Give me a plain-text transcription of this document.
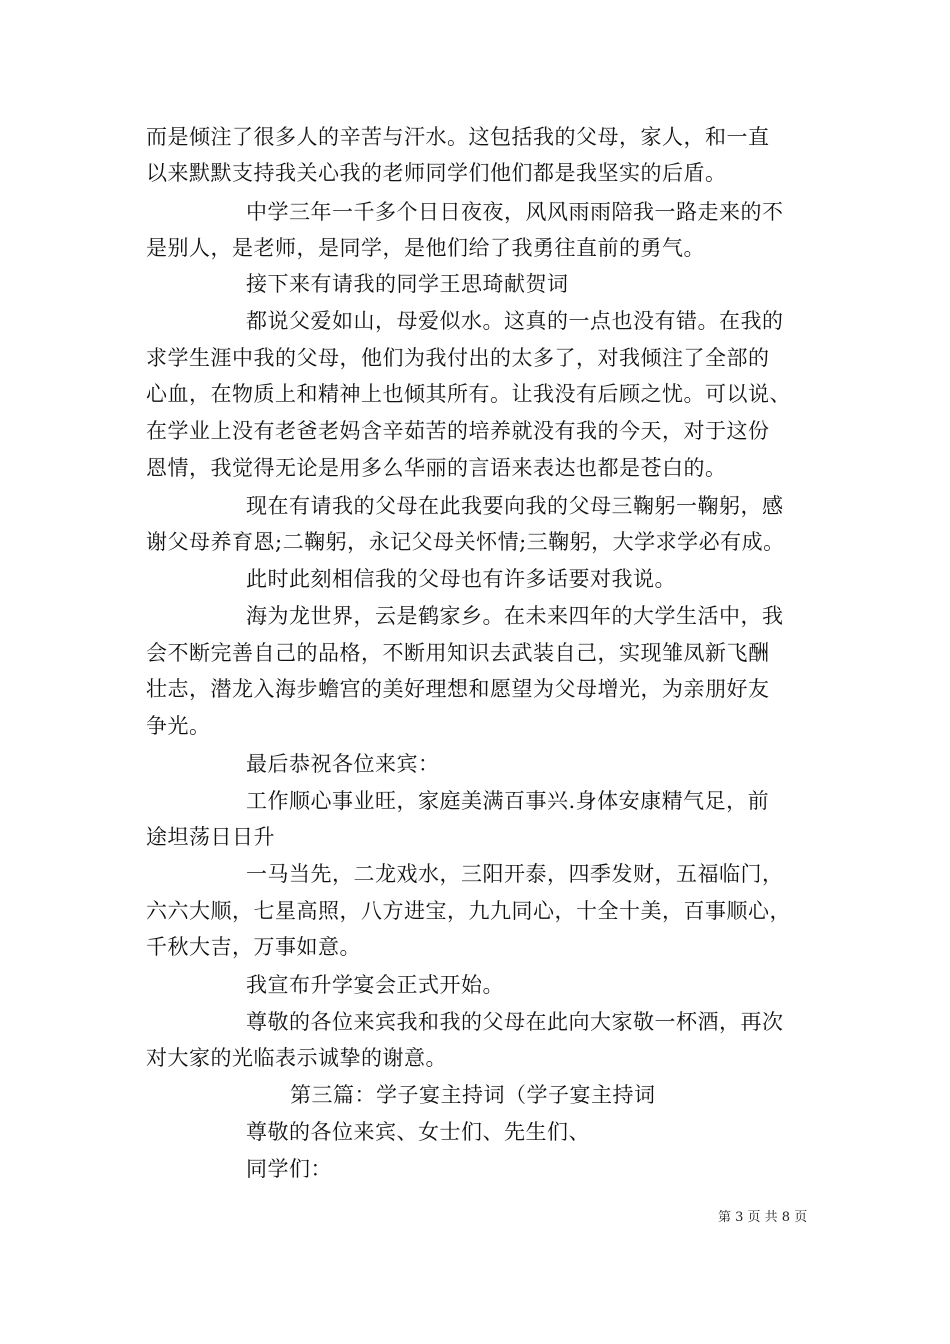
而是倾注了很多人的辛苦与汗水。这包括我的父母，家人，和一直
以来默默支持我关心我的老师同学们他们都是我坚实的后盾。
中学三年一千多个日日夜夜，风风雨雨陪我一路走来的不
是别人，是老师，是同学，是他们给了我勇往直前的勇气。
接下来有请我的同学王思琦献贺词
都说父爱如山，母爱似水。这真的一点也没有错。在我的
求学生涯中我的父母，他们为我付出的太多了，对我倾注了全部的
心血，在物质上和精神上也倾其所有。让我没有后顾之忧。可以说、
在学业上没有老爸老妈含辛茹苦的培养就没有我的今天，对于这份
恩情，我觉得无论是用多么华丽的言语来表达也都是苍白的。
现在有请我的父母在此我要向我的父母三鞠躬一鞠躬，感
谢父母养育恩;二鞠躬，永记父母关怀情;三鞠躬，大学求学必有成。
此时此刻相信我的父母也有许多话要对我说。
海为龙世界，云是鹤家乡。在未来四年的大学生活中，我
会不断完善自己的品格，不断用知识去武装自己，实现雏凤新飞酬
壮志，潜龙入海步蟾宫的美好理想和愿望为父母增光，为亲朋好友
争光。
最后恭祝各位来宾：
工作顺心事业旺，家庭美满百事兴.身体安康精气足，前
途坦荡日日升
一马当先，二龙戏水，三阳开泰，四季发财，五福临门，
六六大顺，七星高照，八方进宝，九九同心，十全十美，百事顺心，
千秋大吉，万事如意。
我宣布升学宴会正式开始。
尊敬的各位来宾我和我的父母在此向大家敬一杯酒，再次
对大家的光临表示诚挚的谢意。
第三篇：学子宴主持词（学子宴主持词
尊敬的各位来宾、女士们、先生们、
同学们：
第 3 页 共 8 页
